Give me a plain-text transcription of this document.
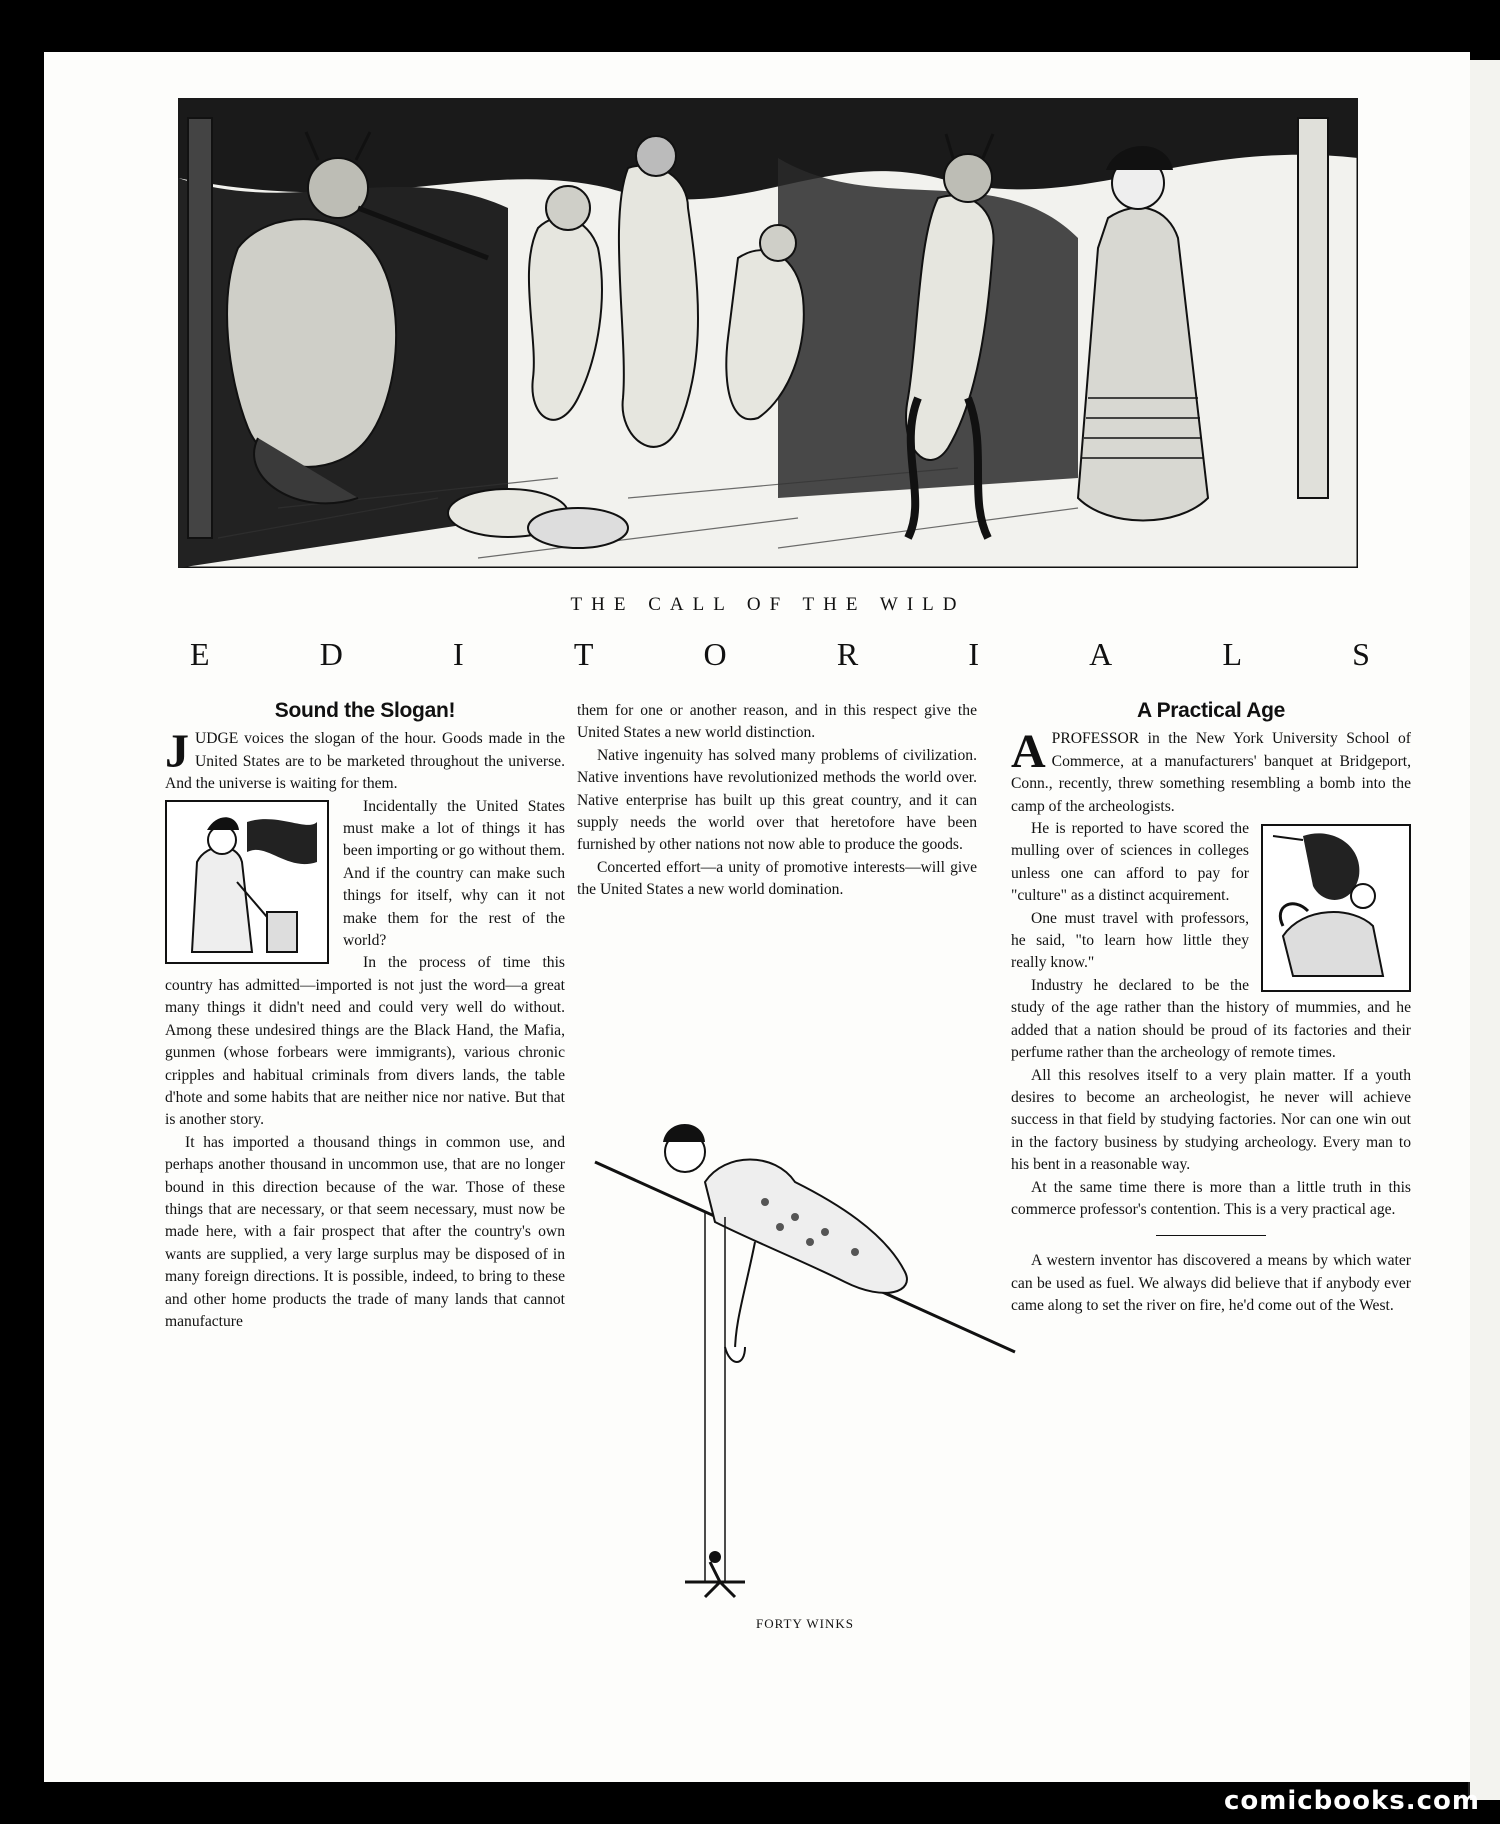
THE CALL OF THE WILD
E	D	I	T	O	R	I	A	L	S
Sound the Slogan!

JUDGE voices the slogan of the hour. Goods made in the United States are to be marketed throughout the universe. And the universe is waiting for them.

Incidentally the United States must make a lot of things it has been importing or go without them. And if the country can make such things for itself, why can it not make them for the rest of the world?

In the process of time this country has admitted—imported is not just the word—a great many things it didn't need and could very well do without. Among these undesired things are the Black Hand, the Mafia, gunmen (whose forbears were immigrants), various chronic cripples and habitual criminals from divers lands, the table d'hote and some habits that are neither nice nor native. But that is another story.

It has imported a thousand things in common use, and perhaps another thousand in uncommon use, that are no longer bound in this direction because of the war. Those of these things that are necessary, or that seem necessary, must now be made here, with a fair prospect that after the country's own wants are supplied, a very large surplus may be disposed of in many foreign directions. It is possible, indeed, to bring to these and other home products the trade of many lands that cannot manufacture

them for one or another reason, and in this respect give the United States a new world distinction.

Native ingenuity has solved many problems of civilization. Native inventions have revolutionized methods the world over. Native enterprise has built up this great country, and it can supply needs the world over that heretofore have been furnished by other nations not now able to produce the goods.

Concerted effort—a unity of promotive interests—will give the United States a new world domination.

FORTY WINKS
A Practical Age

APROFESSOR in the New York University School of Commerce, at a manufacturers' banquet at Bridgeport, Conn., recently, threw something resembling a bomb into the camp of the archeologists.

He is reported to have scored the mulling over of sciences in colleges unless one can afford to pay for "culture" as a distinct acquirement.

One must travel with professors, he said, "to learn how little they really know."

Industry he declared to be the study of the age rather than the history of mummies, and he added that a nation should be proud of its factories and their perfume rather than the archeology of remote times.

All this resolves itself to a very plain matter. If a youth desires to become an archeologist, he never will achieve success in that field by studying factories. Nor can one win out in the factory business by studying archeology. Every man to his bent in a reasonable way.

At the same time there is more than a little truth in this commerce professor's contention. This is a very practical age.

A western inventor has discovered a means by which water can be used as fuel. We always did believe that if anybody ever came along to set the river on fire, he'd come out of the West.

comicbooks.com
